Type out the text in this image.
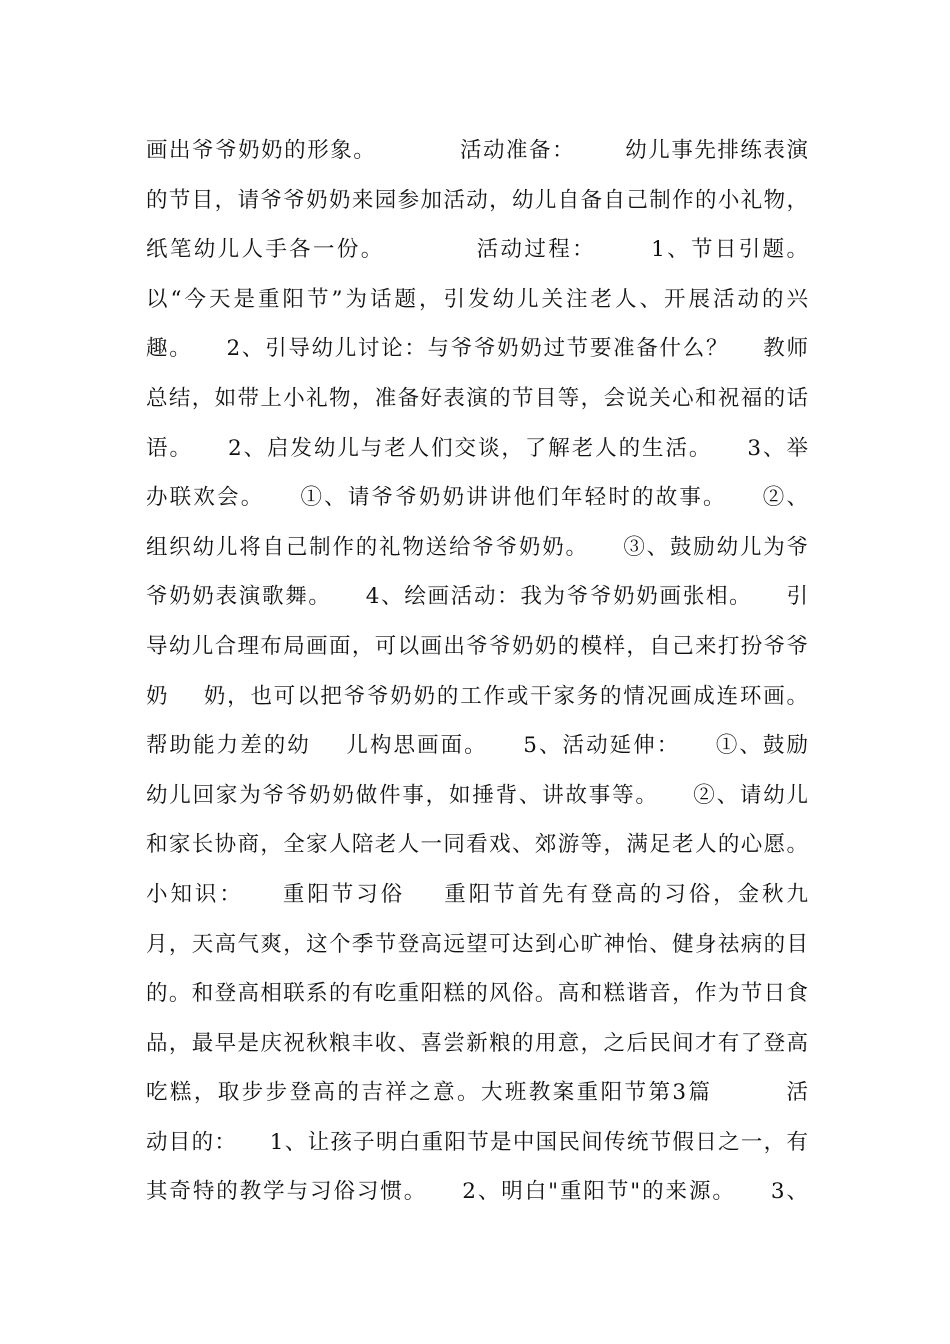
画出爷爷奶奶的形象。          活动准备：      幼儿事先排练表演
的节目，请爷爷奶奶来园参加活动，幼儿自备自己制作的小礼物，
纸笔幼儿人手各一份。          活动过程：      1、节日引题。
以“今天是重阳节”为话题，引发幼儿关注老人、开展活动的兴
趣。    2、引导幼儿讨论：与爷爷奶奶过节要准备什么？    教师
总结，如带上小礼物，准备好表演的节目等，会说关心和祝福的话
语。    2、启发幼儿与老人们交谈，了解老人的生活。    3、举
办联欢会。    ①、请爷爷奶奶讲讲他们年轻时的故事。    ②、
组织幼儿将自己制作的礼物送给爷爷奶奶。    ③、鼓励幼儿为爷
爷奶奶表演歌舞。    4、绘画活动：我为爷爷奶奶画张相。    引
导幼儿合理布局画面，可以画出爷爷奶奶的模样，自己来打扮爷爷
奶    奶，也可以把爷爷奶奶的工作或干家务的情况画成连环画。
帮助能力差的幼    儿构思画面。    5、活动延伸：    ①、鼓励
幼儿回家为爷爷奶奶做件事，如捶背、讲故事等。    ②、请幼儿
和家长协商，全家人陪老人一同看戏、郊游等，满足老人的心愿。
小知识：    重阳节习俗    重阳节首先有登高的习俗，金秋九
月，天高气爽，这个季节登高远望可达到心旷神怡、健身祛病的目
的。和登高相联系的有吃重阳糕的风俗。高和糕谐音，作为节日食
品，最早是庆祝秋粮丰收、喜尝新粮的用意，之后民间才有了登高
吃糕，取步步登高的吉祥之意。大班教案重阳节第3篇        活
动目的：    1、让孩子明白重阳节是中国民间传统节假日之一，有
其奇特的教学与习俗习惯。    2、明白"重阳节"的来源。    3、
